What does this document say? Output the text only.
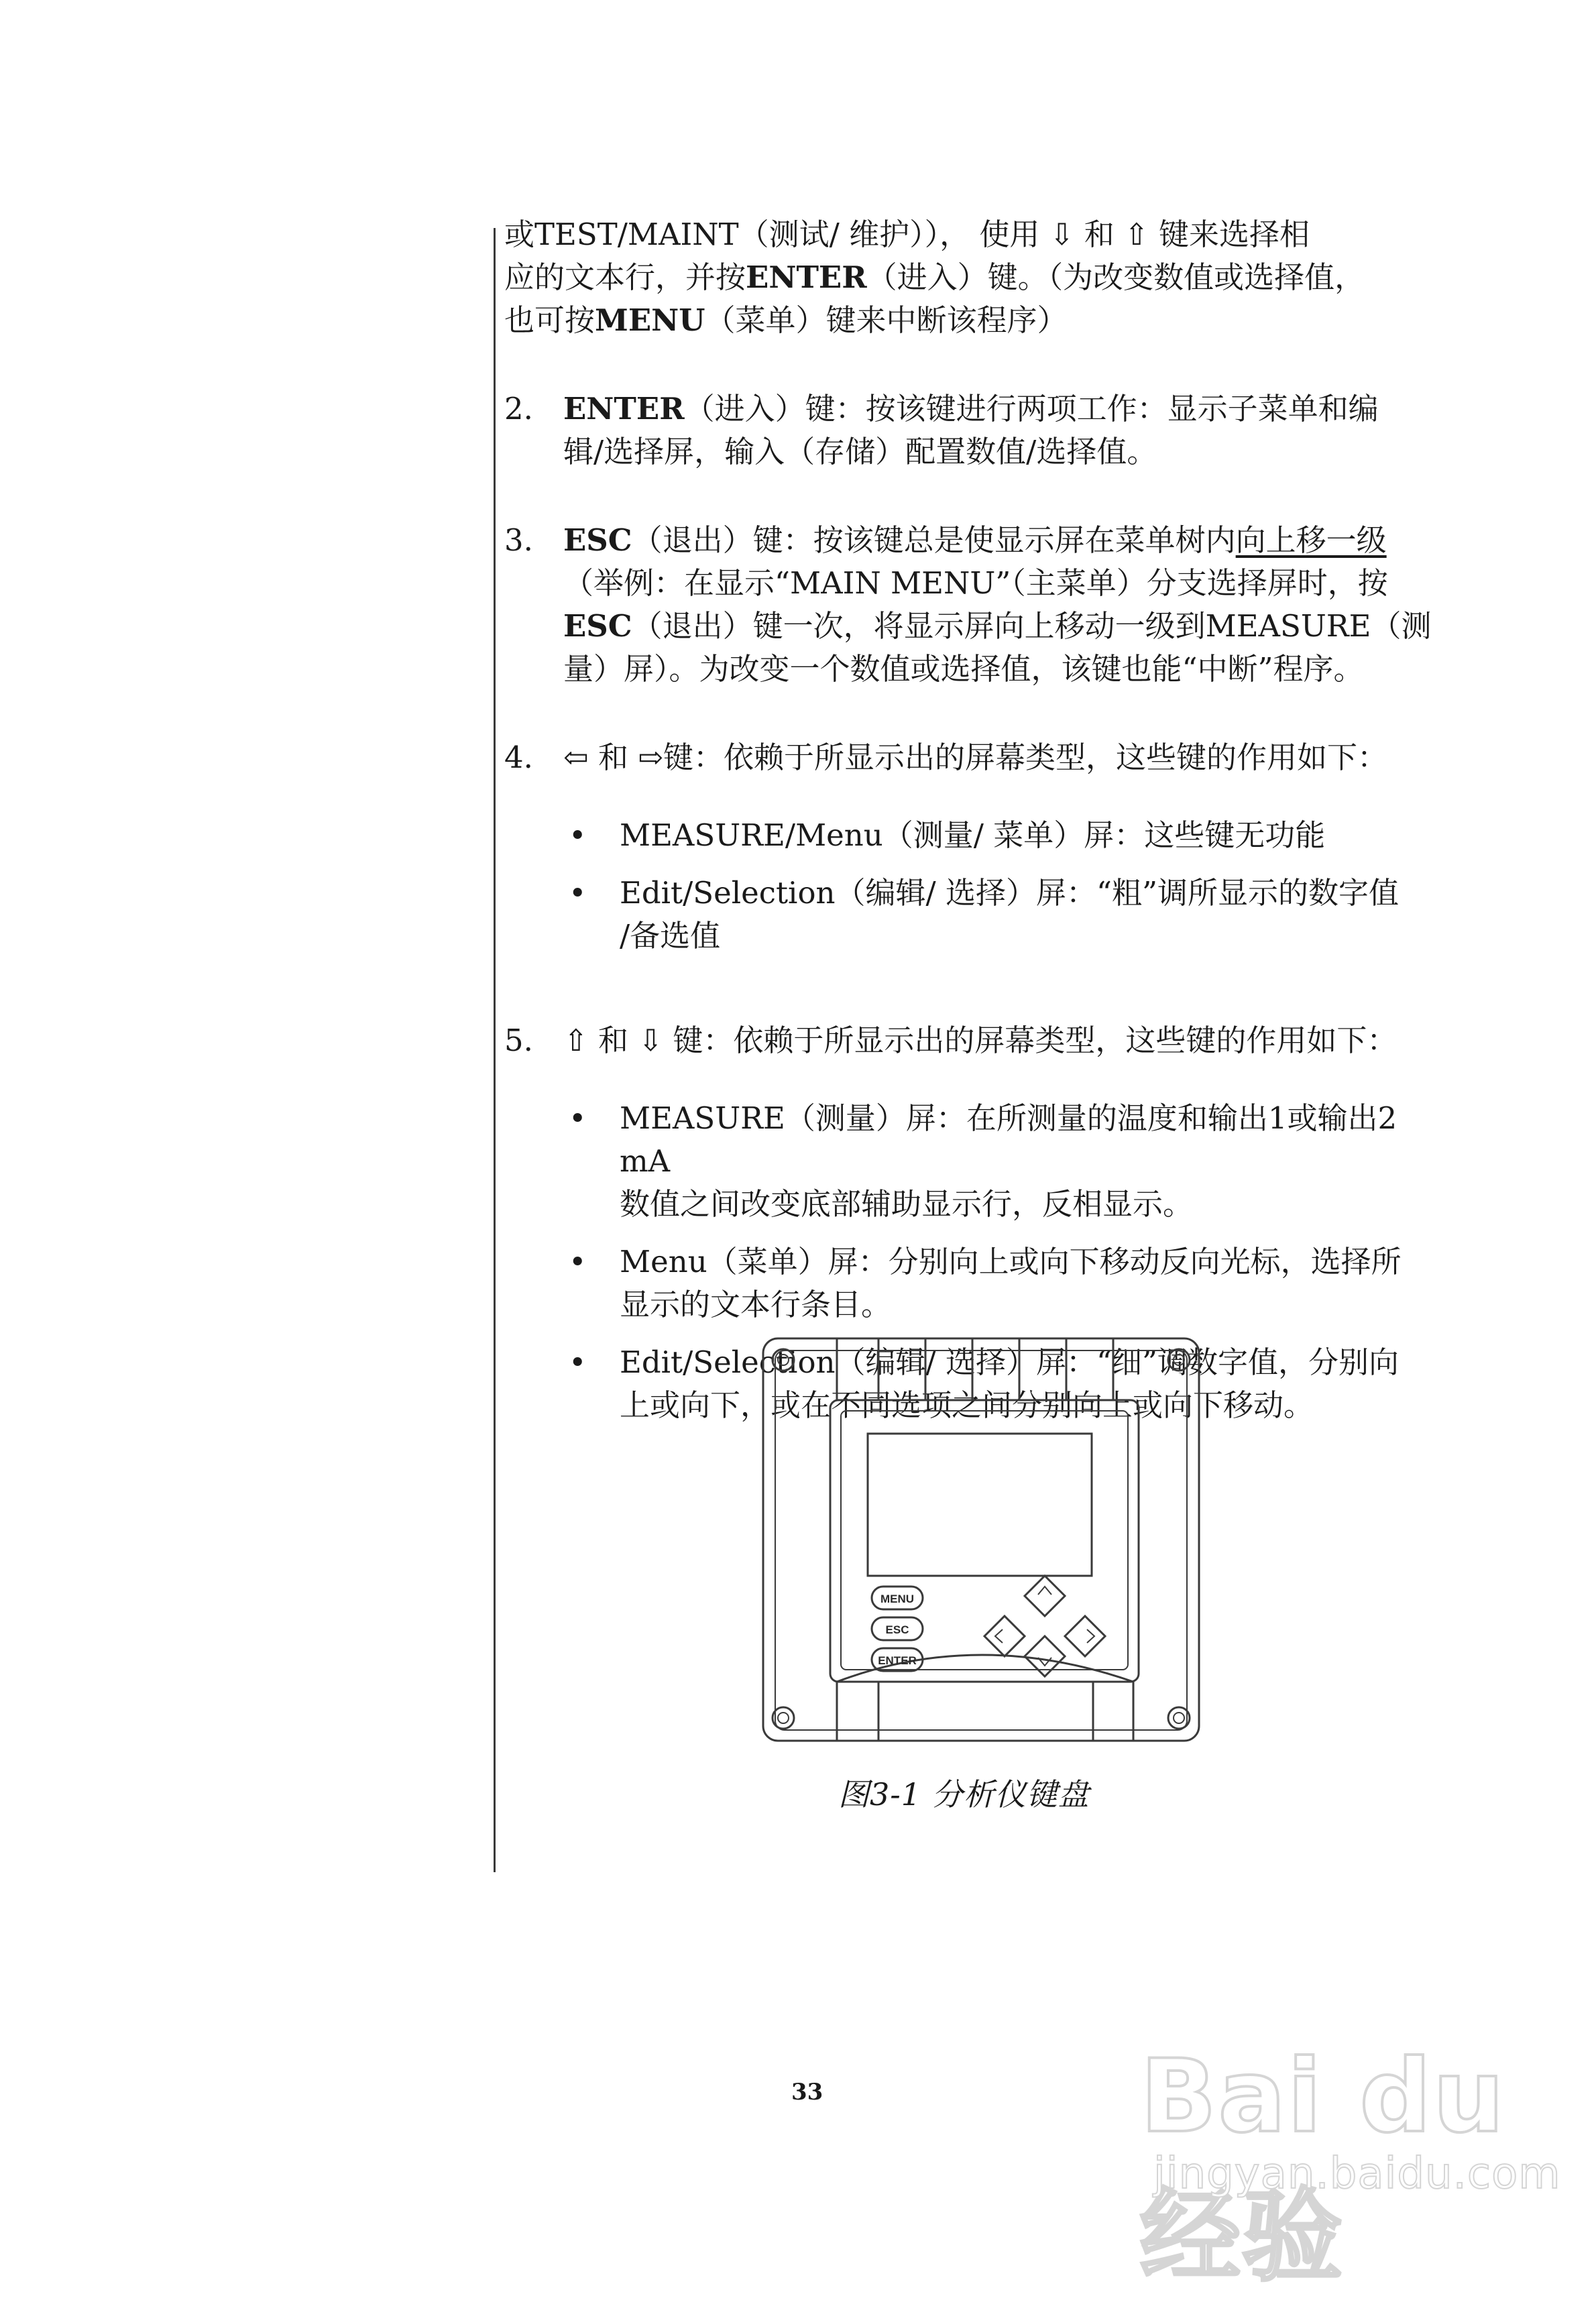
或TEST/MAINT（测试/ 维护））， 使用 ⇩ 和 ⇧ 键来选择相
应的文本行，并按ENTER（进入）键。（为改变数值或选择值，
也可按MENU（菜单）键来中断该程序）

2. ENTER（进入）键：按该键进行两项工作：显示子菜单和编
辑/选择屏，输入（存储）配置数值/选择值。

3. ESC（退出）键：按该键总是使显示屏在菜单树内向上移一级
（举例：在显示“MAIN MENU”（主菜单）分支选择屏时，按
ESC（退出）键一次，将显示屏向上移动一级到MEASURE（测
量）屏）。为改变一个数值或选择值，该键也能“中断”程序。

4. ⇦ 和 ⇨键：依赖于所显示出的屏幕类型，这些键的作用如下：

• MEASURE/Menu（测量/ 菜单）屏：这些键无功能

• Edit/Selection（编辑/ 选择）屏：“粗”调所显示的数字值
/备选值

5. ⇧ 和 ⇩ 键：依赖于所显示出的屏幕类型，这些键的作用如下：

• MEASURE（测量）屏：在所测量的温度和输出1或输出2 mA
数值之间改变底部辅助显示行，反相显示。

• Menu（菜单）屏：分别向上或向下移动反向光标，选择所
显示的文本行条目。

• Edit/Selection（编辑/ 选择）屏：“细”调数字值，分别向
上或向下，或在不同选项之间分别向上或向下移动。

MENU
ESC
ENTER
图3-1 分析仪键盘
33	Bai du 经验
jingyan.baidu.com
